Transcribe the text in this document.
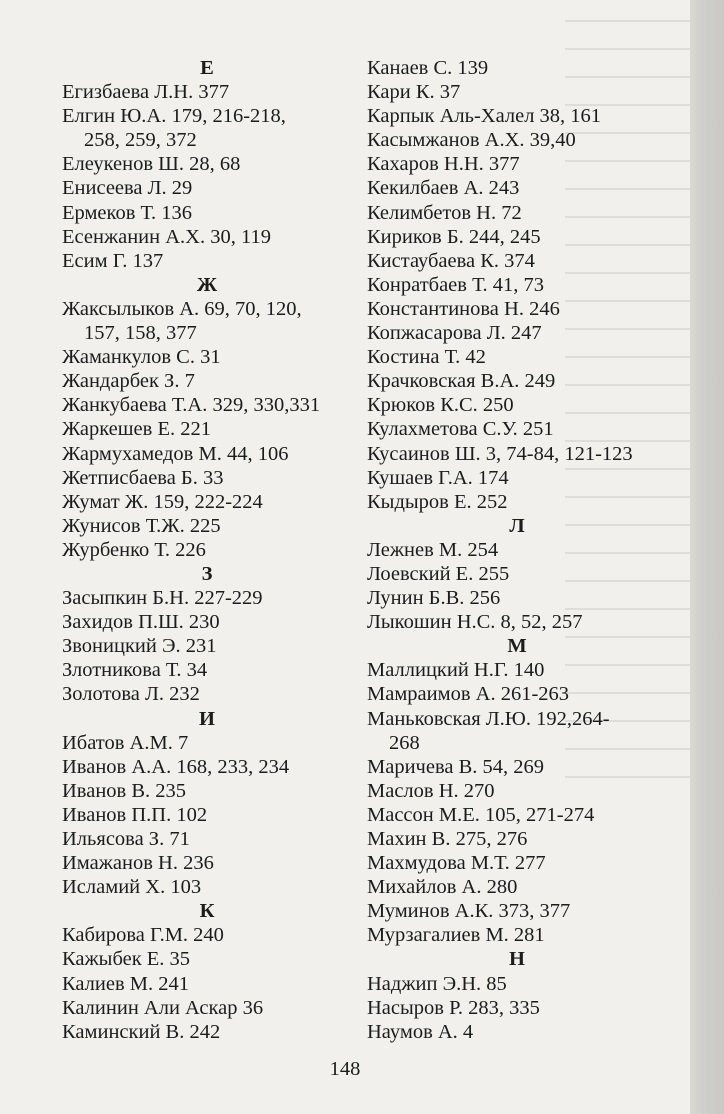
Е
Егизбаева Л.Н. 377
Елгин Ю.А. 179, 216-218,
258, 259, 372
Елеукенов Ш. 28, 68
Енисеева Л. 29
Ермеков Т. 136
Есенжанин А.Х. 30, 119
Есим Г. 137
Ж
Жаксылыков А. 69, 70, 120,
157, 158, 377
Жаманкулов С. 31
Жандарбек З. 7
Жанкубаева Т.А. 329, 330,331
Жаркешев Е. 221
Жармухамедов М. 44, 106
Жетписбаева Б. 33
Жумат Ж. 159, 222-224
Жунисов Т.Ж. 225
Журбенко Т. 226
З
Засыпкин Б.Н. 227-229
Захидов П.Ш. 230
Звоницкий Э. 231
Злотникова Т. 34
Золотова Л. 232
И
Ибатов А.М. 7
Иванов А.А. 168, 233, 234
Иванов В. 235
Иванов П.П. 102
Ильясова З. 71
Имажанов Н. 236
Исламий Х. 103
К
Кабирова Г.М. 240
Кажыбек Е. 35
Калиев М. 241
Калинин Али Аскар 36
Каминский В. 242
Канаев С. 139
Кари К. 37
Карпык Аль-Халел 38, 161
Касымжанов А.Х. 39,40
Кахаров Н.Н. 377
Кекилбаев А. 243
Келимбетов Н. 72
Кириков Б. 244, 245
Кистаубаева К. 374
Конратбаев Т. 41, 73
Константинова Н. 246
Копжасарова Л. 247
Костина Т. 42
Крачковская В.А. 249
Крюков К.С. 250
Кулахметова С.У. 251
Кусаинов Ш. 3, 74-84, 121-123
Кушаев Г.А. 174
Кыдыров Е. 252
Л
Лежнев М. 254
Лоевский Е. 255
Лунин Б.В. 256
Лыкошин Н.С. 8, 52, 257
М
Маллицкий Н.Г. 140
Мамраимов А. 261-263
Маньковская Л.Ю. 192,264-
268
Маричева В. 54, 269
Маслов Н. 270
Массон М.Е. 105, 271-274
Махин В. 275, 276
Махмудова М.Т. 277
Михайлов А. 280
Муминов А.К. 373, 377
Мурзагалиев М. 281
Н
Наджип Э.Н. 85
Насыров Р. 283, 335
Наумов А. 4
148
